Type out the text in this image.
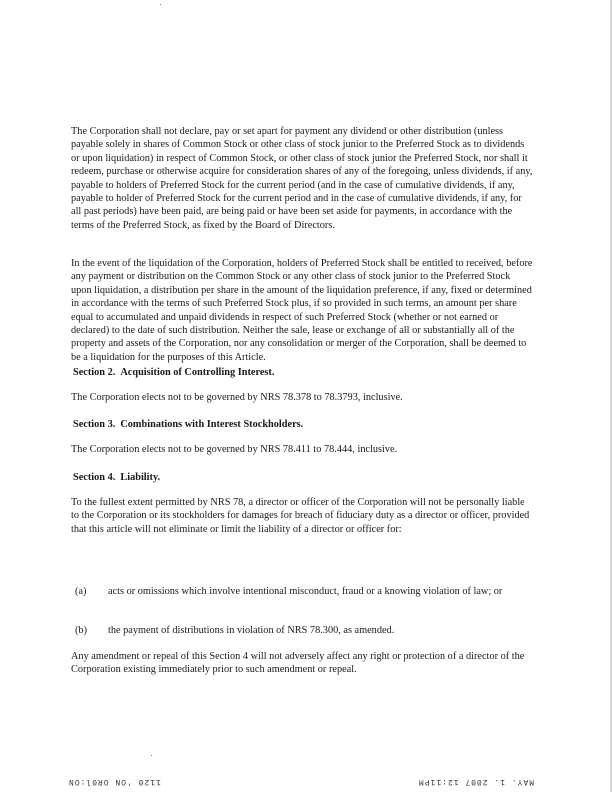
The Corporation shall not declare, pay or set apart for payment any dividend or other distribution (unless payable solely in shares of Common Stock or other class of stock junior to the Preferred Stock as to dividends or upon liquidation) in respect of Common Stock, or other class of stock junior the Preferred Stock, nor shall it redeem, purchase or otherwise acquire for consideration shares of any of the foregoing, unless dividends, if any, payable to holders of Preferred Stock for the current period (and in the case of cumulative dividends, if any, payable to holder of Preferred Stock for the current period and in the case of cumulative dividends, if any, for all past periods) have been paid, are being paid or have been set aside for payments, in accordance with the terms of the Preferred Stock, as fixed by the Board of Directors.

In the event of the liquidation of the Corporation, holders of Preferred Stock shall be entitled to received, before any payment or distribution on the Common Stock or any other class of stock junior to the Preferred Stock upon liquidation, a distribution per share in the amount of the liquidation preference, if any, fixed or determined in accordance with the terms of such Preferred Stock plus, if so provided in such terms, an amount per share equal to accumulated and unpaid dividends in respect of such Preferred Stock (whether or not earned or declared) to the date of such distribution. Neither the sale, lease or exchange of all or substantially all of the property and assets of the Corporation, nor any consolidation or merger of the Corporation, shall be deemed to be a liquidation for the purposes of this Article.

Section 2. Acquisition of Controlling Interest.

The Corporation elects not to be governed by NRS 78.378 to 78.3793, inclusive.

Section 3. Combinations with Interest Stockholders.

The Corporation elects not to be governed by NRS 78.411 to 78.444, inclusive.

Section 4. Liability.

To the fullest extent permitted by NRS 78, a director or officer of the Corporation will not be personally liable to the Corporation or its stockholders for damages for breach of fiduciary duty as a director or officer, provided that this article will not eliminate or limit the liability of a director or officer for:

(a) acts or omissions which involve intentional misconduct, fraud or a knowing violation of law; or

(b) the payment of distributions in violation of NRS 78.300, as amended.

Any amendment or repeal of this Section 4 will not adversely affect any right or protection of a director of the Corporation existing immediately prior to such amendment or repeal.

1120 'ON OR0l:ON	MAY. 1. 2007 12:11PM
